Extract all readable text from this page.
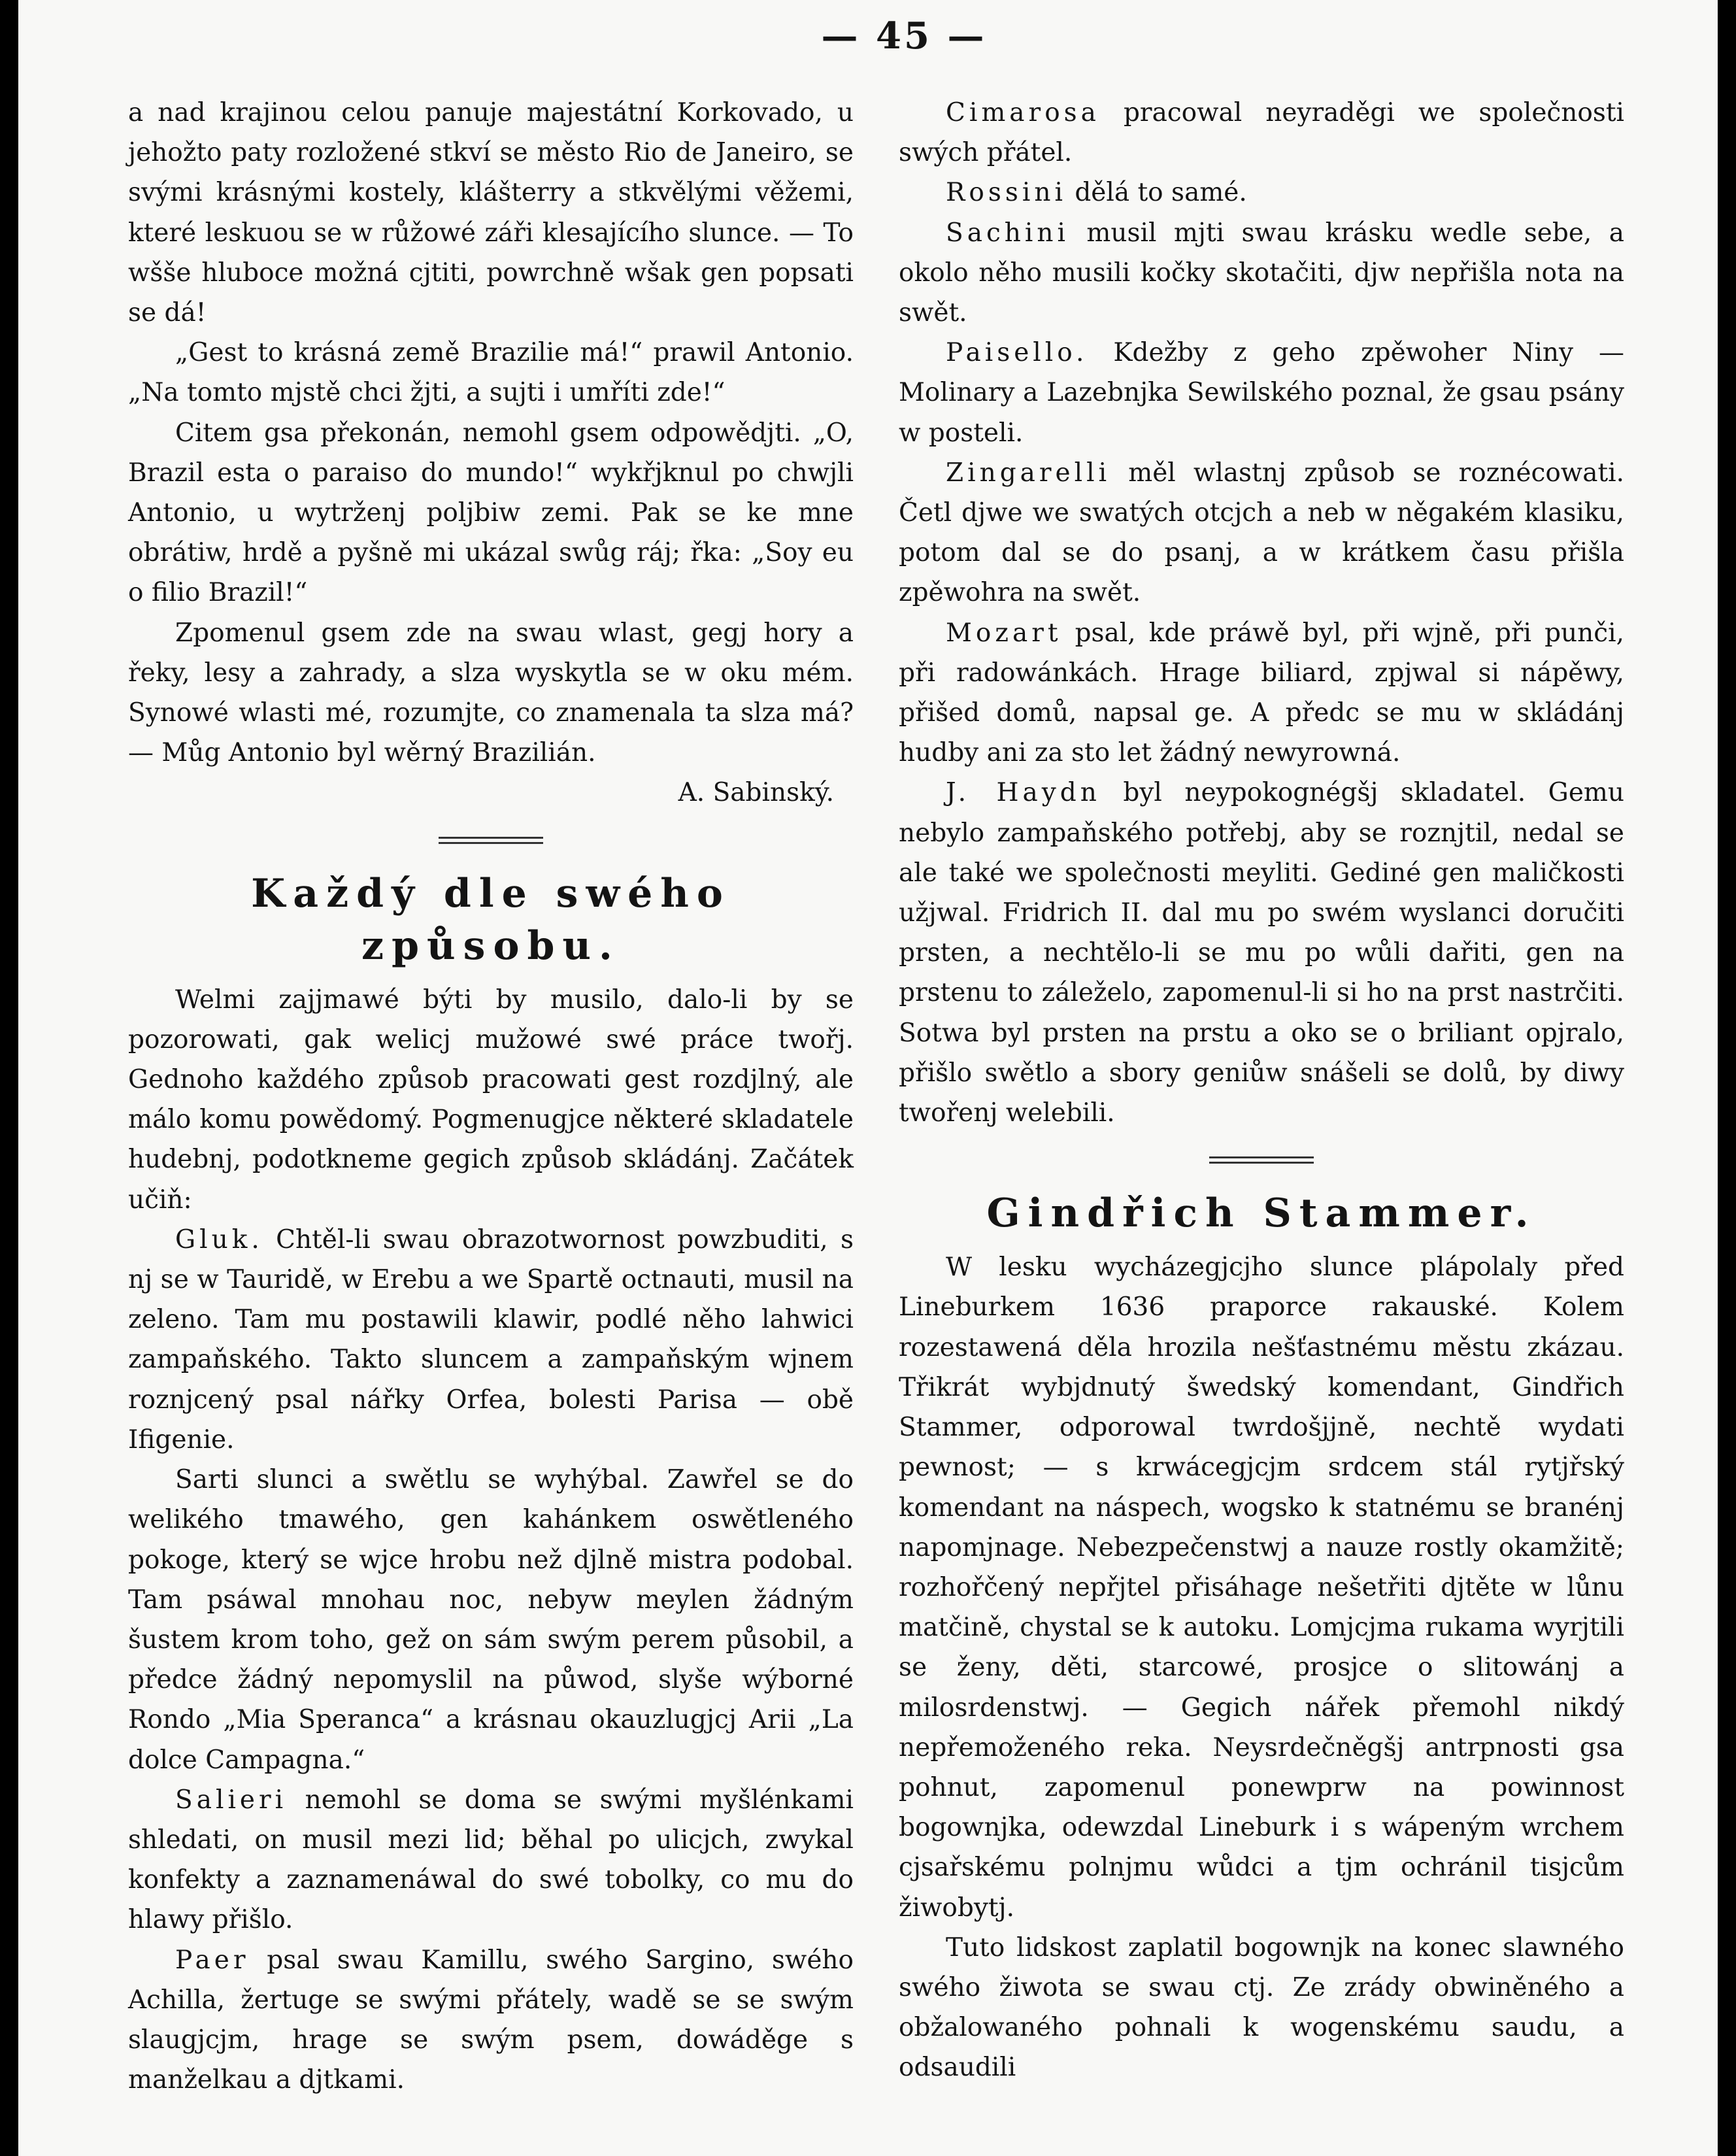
— 45 —

a nad krajinou celou panuje majestátní Korkovado, u jehožto paty rozložené stkví se město Rio de Janeiro, se svými krásnými kostely, klášterry a stkvělými věžemi, které leskuou se w růžowé záři klesajícího slunce. — To wšše hluboce možná cjtiti, powrchně wšak gen popsati se dá!

„Gest to krásná země Brazilie má!“ prawil Antonio. „Na tomto mjstě chci žjti, a sujti i umříti zde!“

Citem gsa překonán, nemohl gsem odpowědjti. „O, Brazil esta o paraiso do mundo!“ wykřjknul po chwjli Antonio, u wytrženj poljbiw zemi. Pak se ke mne obrátiw, hrdě a pyšně mi ukázal swůg ráj; řka: „Soy eu o filio Brazil!“

Zpomenul gsem zde na swau wlast, gegj hory a řeky, lesy a zahrady, a slza wyskytla se w oku mém. Synowé wlasti mé, rozumjte, co znamenala ta slza má? — Můg Antonio byl wěrný Brazilián.

A. Sabinský.

Každý dle swého způsobu.

Welmi zajjmawé býti by musilo, dalo-li by se pozorowati, gak welicj mužowé swé práce twořj. Gednoho každého způsob pracowati gest rozdjlný, ale málo komu powědomý. Pogmenugjce některé skladatele hudebnj, podotkneme gegich způsob skládánj. Začátek učiň:

Gluk. Chtěl-li swau obrazotwornost powzbuditi, s nj se w Tauridě, w Erebu a we Spartě octnauti, musil na zeleno. Tam mu postawili klawir, podlé něho lahwici zampaňského. Takto sluncem a zampaňským wjnem roznjcený psal nářky Orfea, bolesti Parisa — obě Ifigenie.

Sarti slunci a swětlu se wyhýbal. Zawřel se do welikého tmawého, gen kahánkem oswětleného pokoge, který se wjce hrobu než djlně mistra podobal. Tam psáwal mnohau noc, nebyw meylen žádným šustem krom toho, gež on sám swým perem působil, a předce žádný nepomyslil na půwod, slyše wýborné Rondo „Mia Speranca“ a krásnau okauzlugjcj Arii „La dolce Campagna.“

Salieri nemohl se doma se swými myšlénkami shledati, on musil mezi lid; běhal po ulicjch, zwykal konfekty a zaznamenáwal do swé tobolky, co mu do hlawy přišlo.

Paer psal swau Kamillu, swého Sargino, swého Achilla, žertuge se swými přátely, wadě se se swým slaugjcjm, hrage se swým psem, dowáděge s manželkau a djtkami.

Cimarosa pracowal neyraděgi we společnosti swých přátel.

Rossini dělá to samé.

Sachini musil mjti swau krásku wedle sebe, a okolo něho musili kočky skotačiti, djw nepřišla nota na swět.

Paisello. Kdežby z geho zpěwoher Niny — Molinary a Lazebnjka Sewilského poznal, že gsau psány w posteli.

Zingarelli měl wlastnj způsob se roznécowati. Četl djwe we swatých otcjch a neb w něgakém klasiku, potom dal se do psanj, a w krátkem času přišla zpěwohra na swět.

Mozart psal, kde práwě byl, při wjně, při punči, při radowánkách. Hrage biliard, zpjwal si nápěwy, přišed domů, napsal ge. A předc se mu w skládánj hudby ani za sto let žádný newyrowná.

J. Haydn byl neypokognégšj skladatel. Gemu nebylo zampaňského potřebj, aby se roznjtil, nedal se ale také we společnosti meyliti. Gediné gen maličkosti užjwal. Fridrich II. dal mu po swém wyslanci doručiti prsten, a nechtělo-li se mu po wůli dařiti, gen na prstenu to záleželo, zapomenul-li si ho na prst nastrčiti. Sotwa byl prsten na prstu a oko se o briliant opjralo, přišlo swětlo a sbory geniůw snášeli se dolů, by diwy twořenj welebili.

Gindřich Stammer.

W lesku wycházegjcjho slunce plápolaly před Lineburkem 1636 praporce rakauské. Kolem rozestawená děla hrozila nešťastnému městu zkázau. Třikrát wybjdnutý šwedský komendant, Gindřich Stammer, odporowal twrdošjjně, nechtě wydati pewnost; — s krwácegjcjm srdcem stál rytjřský komendant na náspech, wogsko k statnému se branénj napomjnage. Nebezpečenstwj a nauze rostly okamžitě; rozhořčený nepřjtel přisáhage nešetřiti djtěte w lůnu matčině, chystal se k autoku. Lomjcjma rukama wyrjtili se ženy, děti, starcowé, prosjce o slitowánj a milosrdenstwj. — Gegich nářek přemohl nikdý nepřemoženého reka. Neysrdečněgšj antrpnosti gsa pohnut, zapomenul ponewprw na powinnost bogownjka, odewzdal Lineburk i s wápeným wrchem cjsařskému polnjmu wůdci a tjm ochránil tisjcům žiwobytj.

Tuto lidskost zaplatil bogownjk na konec slawného swého žiwota se swau ctj. Ze zrády obwiněného a obžalowaného pohnali k wogenskému saudu, a odsaudili
